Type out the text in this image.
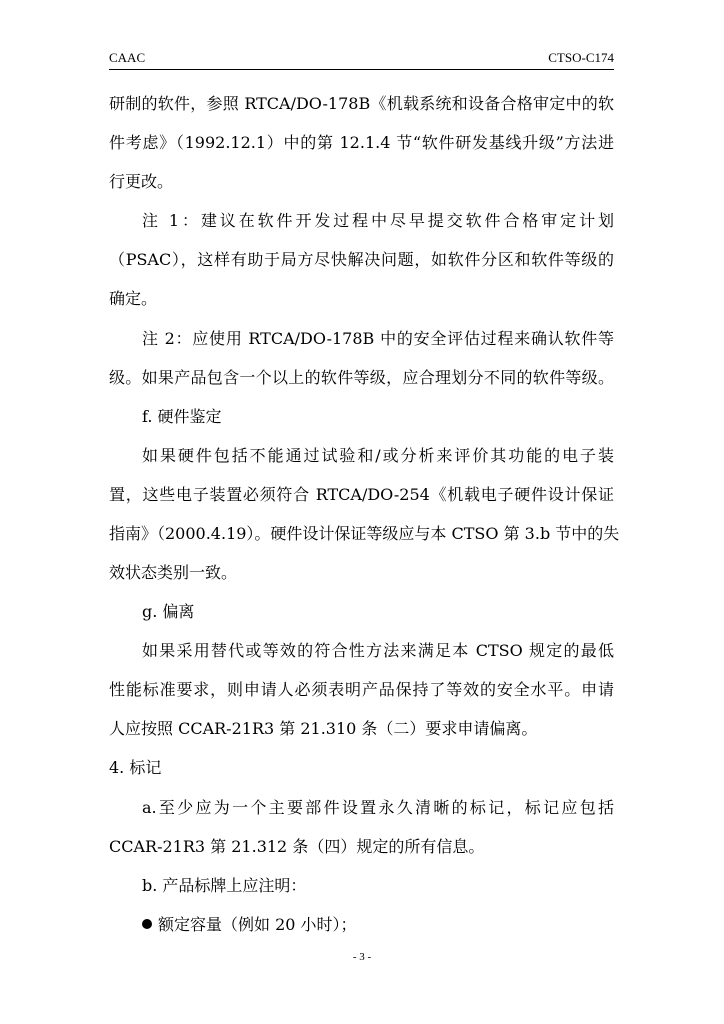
CAAC	CTSO-C174
研制的软件，参照 RTCA/DO-178B《机载系统和设备合格审定中的软
件考虑》（1992.12.1）中的第 12.1.4 节“软件研发基线升级”方法进
行更改。
注 1：建议在软件开发过程中尽早提交软件合格审定计划
（PSAC），这样有助于局方尽快解决问题，如软件分区和软件等级的
确定。
注 2：应使用 RTCA/DO-178B 中的安全评估过程来确认软件等
级。如果产品包含一个以上的软件等级，应合理划分不同的软件等级。
f. 硬件鉴定
如果硬件包括不能通过试验和/或分析来评价其功能的电子装
置，这些电子装置必须符合 RTCA/DO-254《机载电子硬件设计保证
指南》（2000.4.19）。硬件设计保证等级应与本 CTSO 第 3.b 节中的失
效状态类别一致。
g. 偏离
如果采用替代或等效的符合性方法来满足本 CTSO 规定的最低
性能标准要求，则申请人必须表明产品保持了等效的安全水平。申请
人应按照 CCAR-21R3 第 21.310 条（二）要求申请偏离。
4. 标记
a.至少应为一个主要部件设置永久清晰的标记，标记应包括
CCAR-21R3 第 21.312 条（四）规定的所有信息。
b. 产品标牌上应注明：
额定容量（例如 20 小时）；
- 3 -
